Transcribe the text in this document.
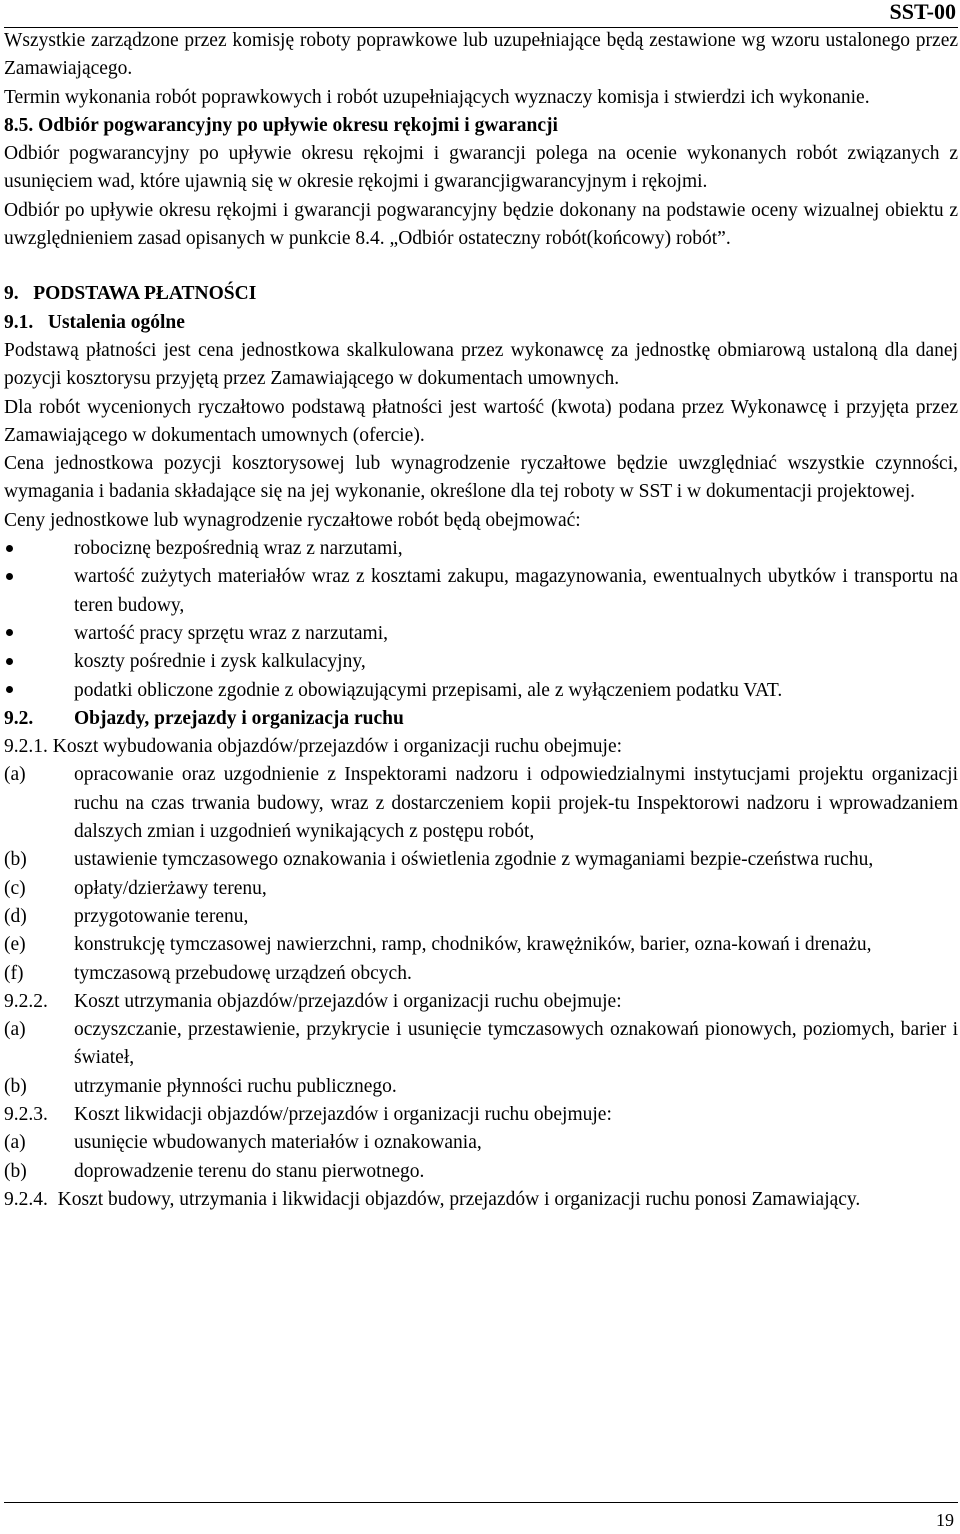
SST-00

Wszystkie zarządzone przez komisję roboty poprawkowe lub uzupełniające będą zestawione wg wzoru ustalonego przez Zamawiającego.

Termin wykonania robót poprawkowych i robót uzupełniających wyznaczy komisja i stwierdzi ich wykonanie.

8.5. Odbiór pogwarancyjny po upływie okresu rękojmi i gwarancji

Odbiór pogwarancyjny po upływie okresu rękojmi i gwarancji polega na ocenie wykonanych robót związanych z usunięciem wad, które ujawnią się w okresie rękojmi i gwarancjigwarancyjnym i rękojmi.

Odbiór po upływie okresu rękojmi i gwarancji pogwarancyjny będzie dokonany na podstawie oceny wizualnej obiektu z uwzględnieniem zasad opisanych w punkcie 8.4. „Odbiór ostateczny robót(końcowy) robót”.

9.   PODSTAWA PŁATNOŚCI

9.1.   Ustalenia ogólne

Podstawą płatności jest cena jednostkowa skalkulowana przez wykonawcę za jednostkę obmiarową ustaloną dla danej pozycji kosztorysu przyjętą przez Zamawiającego w dokumentach umownych.

Dla robót wycenionych ryczałtowo podstawą płatności jest wartość (kwota) podana przez Wykonawcę i przyjęta przez Zamawiającego w dokumentach umownych (ofercie).

Cena jednostkowa pozycji kosztorysowej lub wynagrodzenie ryczałtowe będzie uwzględniać wszystkie czynności, wymagania i badania składające się na jej wykonanie, określone dla tej roboty w SST i w dokumentacji projektowej.

Ceny jednostkowe lub wynagrodzenie ryczałtowe robót będą obejmować:

robociznę bezpośrednią wraz z narzutami,
wartość zużytych materiałów wraz z kosztami zakupu, magazynowania, ewentualnych ubytków i transportu na teren budowy,
wartość pracy sprzętu wraz z narzutami,
koszty pośrednie i zysk kalkulacyjny,
podatki obliczone zgodnie z obowiązującymi przepisami, ale z wyłączeniem podatku VAT.
9.2.	Objazdy, przejazdy i organizacja ruchu

9.2.1. Koszt wybudowania objazdów/przejazdów i organizacji ruchu obejmuje:

(a)	opracowanie oraz uzgodnienie z Inspektorami nadzoru i odpowiedzialnymi instytucjami projektu organizacji ruchu na czas trwania budowy, wraz z dostarczeniem kopii projek-tu Inspektorowi nadzoru i wprowadzaniem dalszych zmian i uzgodnień wynikających z postępu robót,
(b)	ustawienie tymczasowego oznakowania i oświetlenia zgodnie z wymaganiami bezpie-czeństwa ruchu,
(c)	opłaty/dzierżawy terenu,
(d)	przygotowanie terenu,
(e)	konstrukcję tymczasowej nawierzchni, ramp, chodników, krawężników, barier, ozna-kowań i drenażu,
(f)	tymczasową przebudowę urządzeń obcych.
9.2.2.	Koszt utrzymania objazdów/przejazdów i organizacji ruchu obejmuje:
(a)	oczyszczanie, przestawienie, przykrycie i usunięcie tymczasowych oznakowań pionowych, poziomych, barier i świateł,
(b)	utrzymanie płynności ruchu publicznego.
9.2.3.	Koszt likwidacji objazdów/przejazdów i organizacji ruchu obejmuje:
(a)	usunięcie wbudowanych materiałów i oznakowania,
(b)	doprowadzenie terenu do stanu pierwotnego.

9.2.4. Koszt budowy, utrzymania i likwidacji objazdów, przejazdów i organizacji ruchu ponosi Zamawiający.

19
